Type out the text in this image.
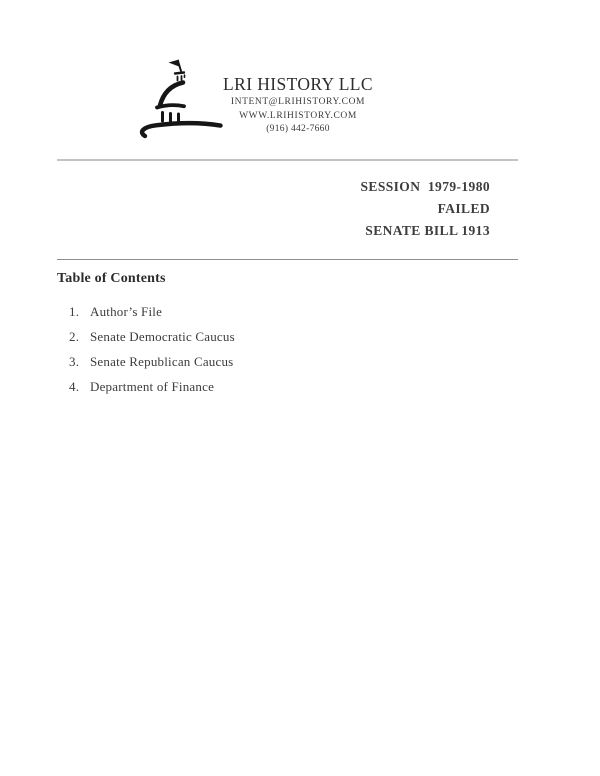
LRI HISTORY LLC
INTENT@LRIHISTORY.COM
WWW.LRIHISTORY.COM
(916) 442-7660
SESSION  1979-1980
FAILED
SENATE BILL 1913
Table of Contents
1. Author’s File
2. Senate Democratic Caucus
3. Senate Republican Caucus
4. Department of Finance
